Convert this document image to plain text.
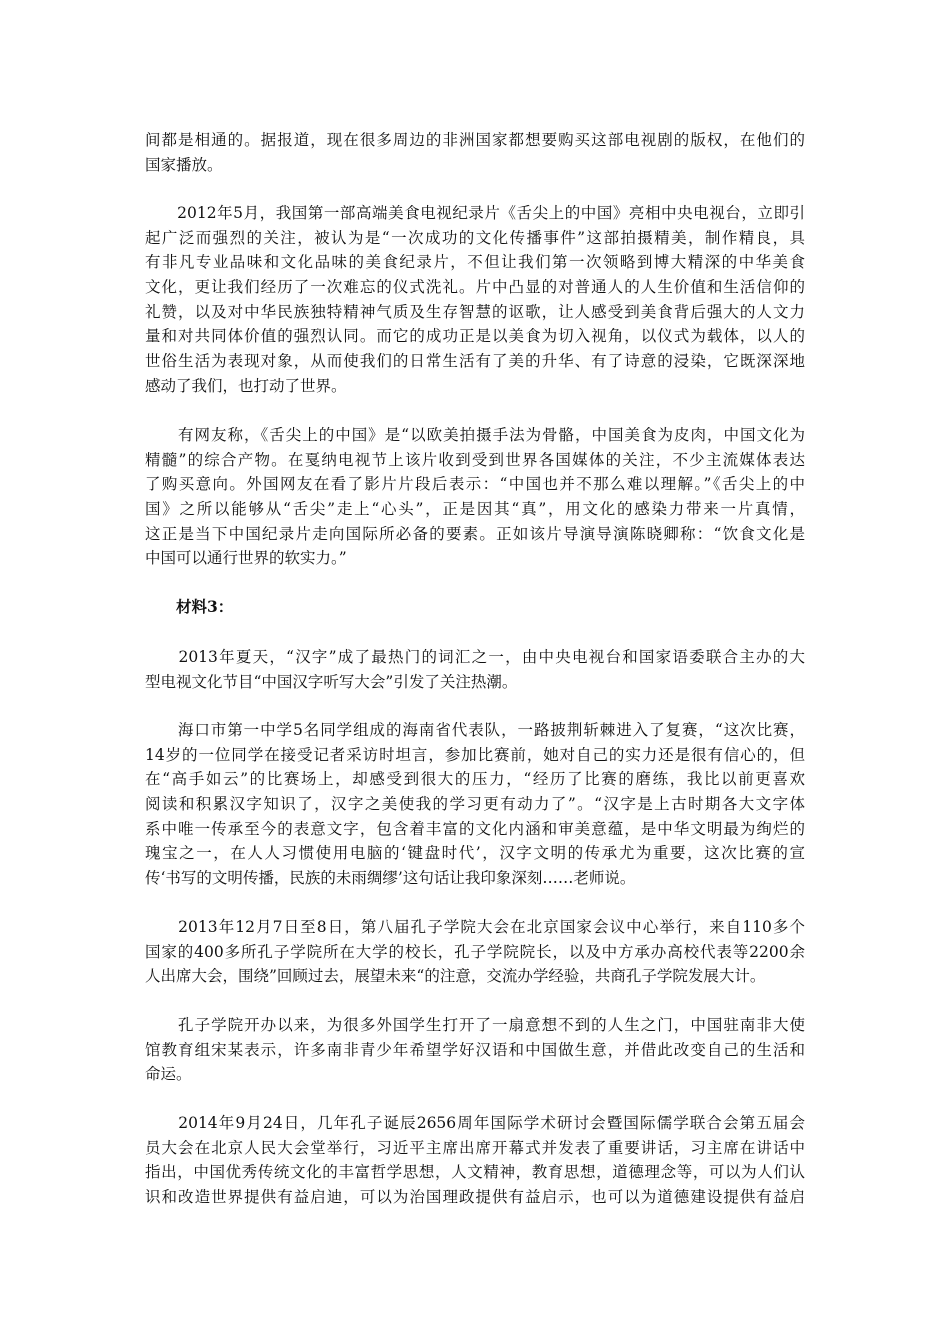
间都是相通的。据报道，现在很多周边的非洲国家都想要购买这部电视剧的版权，在他们的
国家播放。
　　2012年5月，我国第一部高端美食电视纪录片《舌尖上的中国》亮相中央电视台，立即引
起广泛而强烈的关注，被认为是“一次成功的文化传播事件”这部拍摄精美，制作精良，具
有非凡专业品味和文化品味的美食纪录片，不但让我们第一次领略到博大精深的中华美食
文化，更让我们经历了一次难忘的仪式洗礼。片中凸显的对普通人的人生价值和生活信仰的
礼赞，以及对中华民族独特精神气质及生存智慧的讴歌，让人感受到美食背后强大的人文力
量和对共同体价值的强烈认同。而它的成功正是以美食为切入视角，以仪式为载体，以人的
世俗生活为表现对象，从而使我们的日常生活有了美的升华、有了诗意的浸染，它既深深地
感动了我们，也打动了世界。
　　有网友称，《舌尖上的中国》是“以欧美拍摄手法为骨骼，中国美食为皮肉，中国文化为
精髓”的综合产物。在戛纳电视节上该片收到受到世界各国媒体的关注，不少主流媒体表达
了购买意向。外国网友在看了影片片段后表示：“中国也并不那么难以理解。”《舌尖上的中
国》之所以能够从“舌尖”走上“心头”，正是因其“真”，用文化的感染力带来一片真情，
这正是当下中国纪录片走向国际所必备的要素。正如该片导演导演陈晓卿称：“饮食文化是
中国可以通行世界的软实力。”
　　材料3：
　　2013年夏天，“汉字”成了最热门的词汇之一，由中央电视台和国家语委联合主办的大
型电视文化节目“中国汉字听写大会”引发了关注热潮。
　　海口市第一中学5名同学组成的海南省代表队，一路披荆斩棘进入了复赛，“这次比赛，
14岁的一位同学在接受记者采访时坦言，参加比赛前，她对自己的实力还是很有信心的，但
在“高手如云”的比赛场上，却感受到很大的压力，“经历了比赛的磨练，我比以前更喜欢
阅读和积累汉字知识了，汉字之美使我的学习更有动力了”。“汉字是上古时期各大文字体
系中唯一传承至今的表意文字，包含着丰富的文化内涵和审美意蕴，是中华文明最为绚烂的
瑰宝之一，在人人习惯使用电脑的‘键盘时代’，汉字文明的传承尤为重要，这次比赛的宣
传‘书写的文明传播，民族的未雨绸缪’这句话让我印象深刻……老师说。
　　2013年12月7日至8日，第八届孔子学院大会在北京国家会议中心举行，来自110多个
国家的400多所孔子学院所在大学的校长，孔子学院院长，以及中方承办高校代表等2200余
人出席大会，围绕”回顾过去，展望未来“的注意，交流办学经验，共商孔子学院发展大计。
　　孔子学院开办以来，为很多外国学生打开了一扇意想不到的人生之门，中国驻南非大使
馆教育组宋某表示，许多南非青少年希望学好汉语和中国做生意，并借此改变自己的生活和
命运。
　　2014年9月24日，几年孔子诞辰2656周年国际学术研讨会暨国际儒学联合会第五届会
员大会在北京人民大会堂举行，习近平主席出席开幕式并发表了重要讲话，习主席在讲话中
指出，中国优秀传统文化的丰富哲学思想，人文精神，教育思想，道德理念等，可以为人们认
识和改造世界提供有益启迪，可以为治国理政提供有益启示，也可以为道德建设提供有益启
